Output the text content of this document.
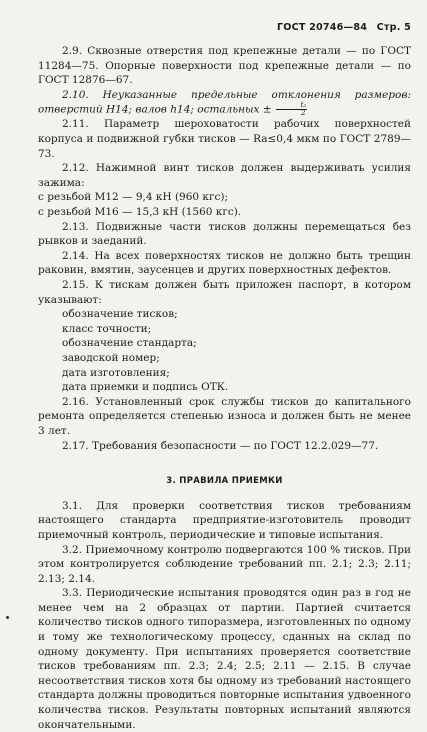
ГОСТ 20746—84 Стр. 5

2.9. Сквозные отверстия под крепежные детали — по ГОСТ 11284—75. Опорные поверхности под крепежные детали — по ГОСТ 12876—67.

2.10. Неуказанные предельные отклонения размеров: отверстий H14; валов h14; остальных ± $\frac{\text{t₂}}{2}$

2.11. Параметр шероховатости рабочих поверхностей корпуса и подвижной губки тисков — Ra≤0,4 мкм по ГОСТ 2789—73.

2.12. Нажимной винт тисков должен выдерживать усилия зажима:

с резьбой М12 — 9,4 кН (960 кгс);

с резьбой М16 — 15,3 кН (1560 кгс).

2.13. Подвижные части тисков должны перемещаться без рывков и заеданий.

2.14. На всех поверхностях тисков не должно быть трещин раковин, вмятин, заусенцев и других поверхностных дефектов.

2.15. К тискам должен быть приложен паспорт, в котором указывают:

обозначение тисков;

класс точности;

обозначение стандарта;

заводской номер;

дата изготовления;

дата приемки и подпись ОТК.

2.16. Установленный срок службы тисков до капитального ремонта определяется степенью износа и должен быть не менее 3 лет.

2.17. Требования безопасности — по ГОСТ 12.2.029—77.

3. ПРАВИЛА ПРИЕМКИ

3.1. Для проверки соответствия тисков требованиям настоящего стандарта предприятие-изготовитель проводит приемочный контроль, периодические и типовые испытания.

3.2. Приемочному контролю подвергаются 100 % тисков. При этом контролируется соблюдение требований пп. 2.1; 2.3; 2.11; 2.13; 2.14.

3.3. Периодические испытания проводятся один раз в год не менее чем на 2 образцах от партии. Партией считается количество тисков одного типоразмера, изготовленных по одному и тому же технологическому процессу, сданных на склад по одному документу. При испытаниях проверяется соответствие тисков требованиям пп. 2.3; 2.4; 2.5; 2.11 — 2.15. В случае несоответствия тисков хотя бы одному из требований настоящего стандарта должны проводиться повторные испытания удвоенного количества тисков. Результаты повторных испытаний являются окончательными.
